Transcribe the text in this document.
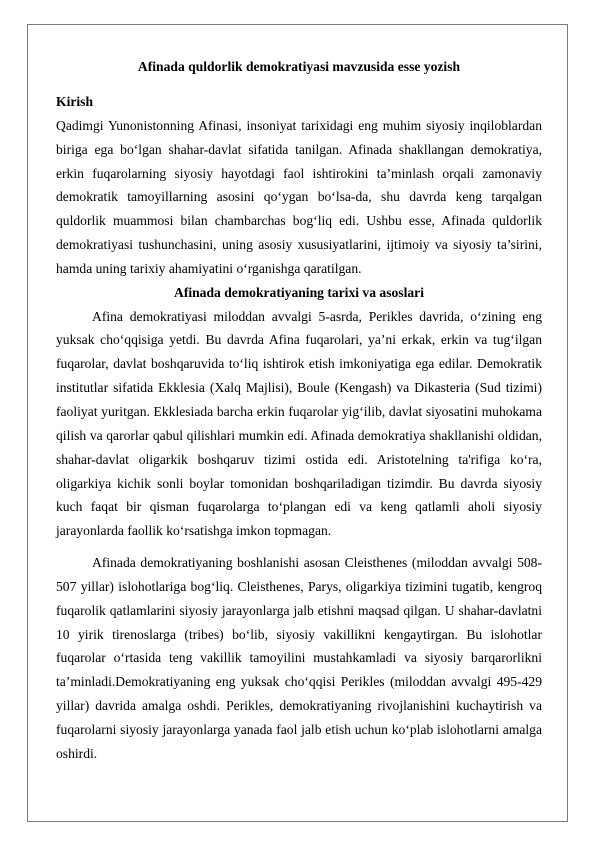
Afinada quldorlik demokratiyasi mavzusida esse yozish
Kirish

Qadimgi Yunonistonning Afinasi, insoniyat tarixidagi eng muhim siyosiy inqiloblardan biriga ega bo‘lgan shahar-davlat sifatida tanilgan. Afinada shakllangan demokratiya, erkin fuqarolarning siyosiy hayotdagi faol ishtirokini ta’minlash orqali zamonaviy demokratik tamoyillarning asosini qo‘ygan bo‘lsa-da, shu davrda keng tarqalgan quldorlik muammosi bilan chambarchas bog‘liq edi. Ushbu esse, Afinada quldorlik demokratiyasi tushunchasini, uning asosiy xususiyatlarini, ijtimoiy va siyosiy ta’sirini, hamda uning tarixiy ahamiyatini o‘rganishga qaratilgan.

Afinada demokratiyaning tarixi va asoslari

Afina demokratiyasi miloddan avvalgi 5-asrda, Perikles davrida, o‘zining eng yuksak cho‘qqisiga yetdi. Bu davrda Afina fuqarolari, ya’ni erkak, erkin va tug‘ilgan fuqarolar, davlat boshqaruvida to‘liq ishtirok etish imkoniyatiga ega edilar. Demokratik institutlar sifatida Ekklesia (Xalq Majlisi), Boule (Kengash) va Dikasteria (Sud tizimi) faoliyat yuritgan. Ekklesiada barcha erkin fuqarolar yig‘ilib, davlat siyosatini muhokama qilish va qarorlar qabul qilishlari mumkin edi. Afinada demokratiya shakllanishi oldidan, shahar-davlat oligarkik boshqaruv tizimi ostida edi. Aristotelning ta'rifiga ko‘ra, oligarkiya kichik sonli boylar tomonidan boshqariladigan tizimdir. Bu davrda siyosiy kuch faqat bir qisman fuqarolarga to‘plangan edi va keng qatlamli aholi siyosiy jarayonlarda faollik ko‘rsatishga imkon topmagan.

Afinada demokratiyaning boshlanishi asosan Cleisthenes (miloddan avvalgi 508-507 yillar) islohotlariga bog‘liq. Cleisthenes, Parys, oligarkiya tizimini tugatib, kengroq fuqarolik qatlamlarini siyosiy jarayonlarga jalb etishni maqsad qilgan. U shahar-davlatni 10 yirik tirenoslarga (tribes) bo‘lib, siyosiy vakillikni kengaytirgan. Bu islohotlar fuqarolar o‘rtasida teng vakillik tamoyilini mustahkamladi va siyosiy barqarorlikni ta’minladi.Demokratiyaning eng yuksak cho‘qqisi Perikles (miloddan avvalgi 495-429 yillar) davrida amalga oshdi. Perikles, demokratiyaning rivojlanishini kuchaytirish va fuqarolarni siyosiy jarayonlarga yanada faol jalb etish uchun ko‘plab islohotlarni amalga oshirdi.
